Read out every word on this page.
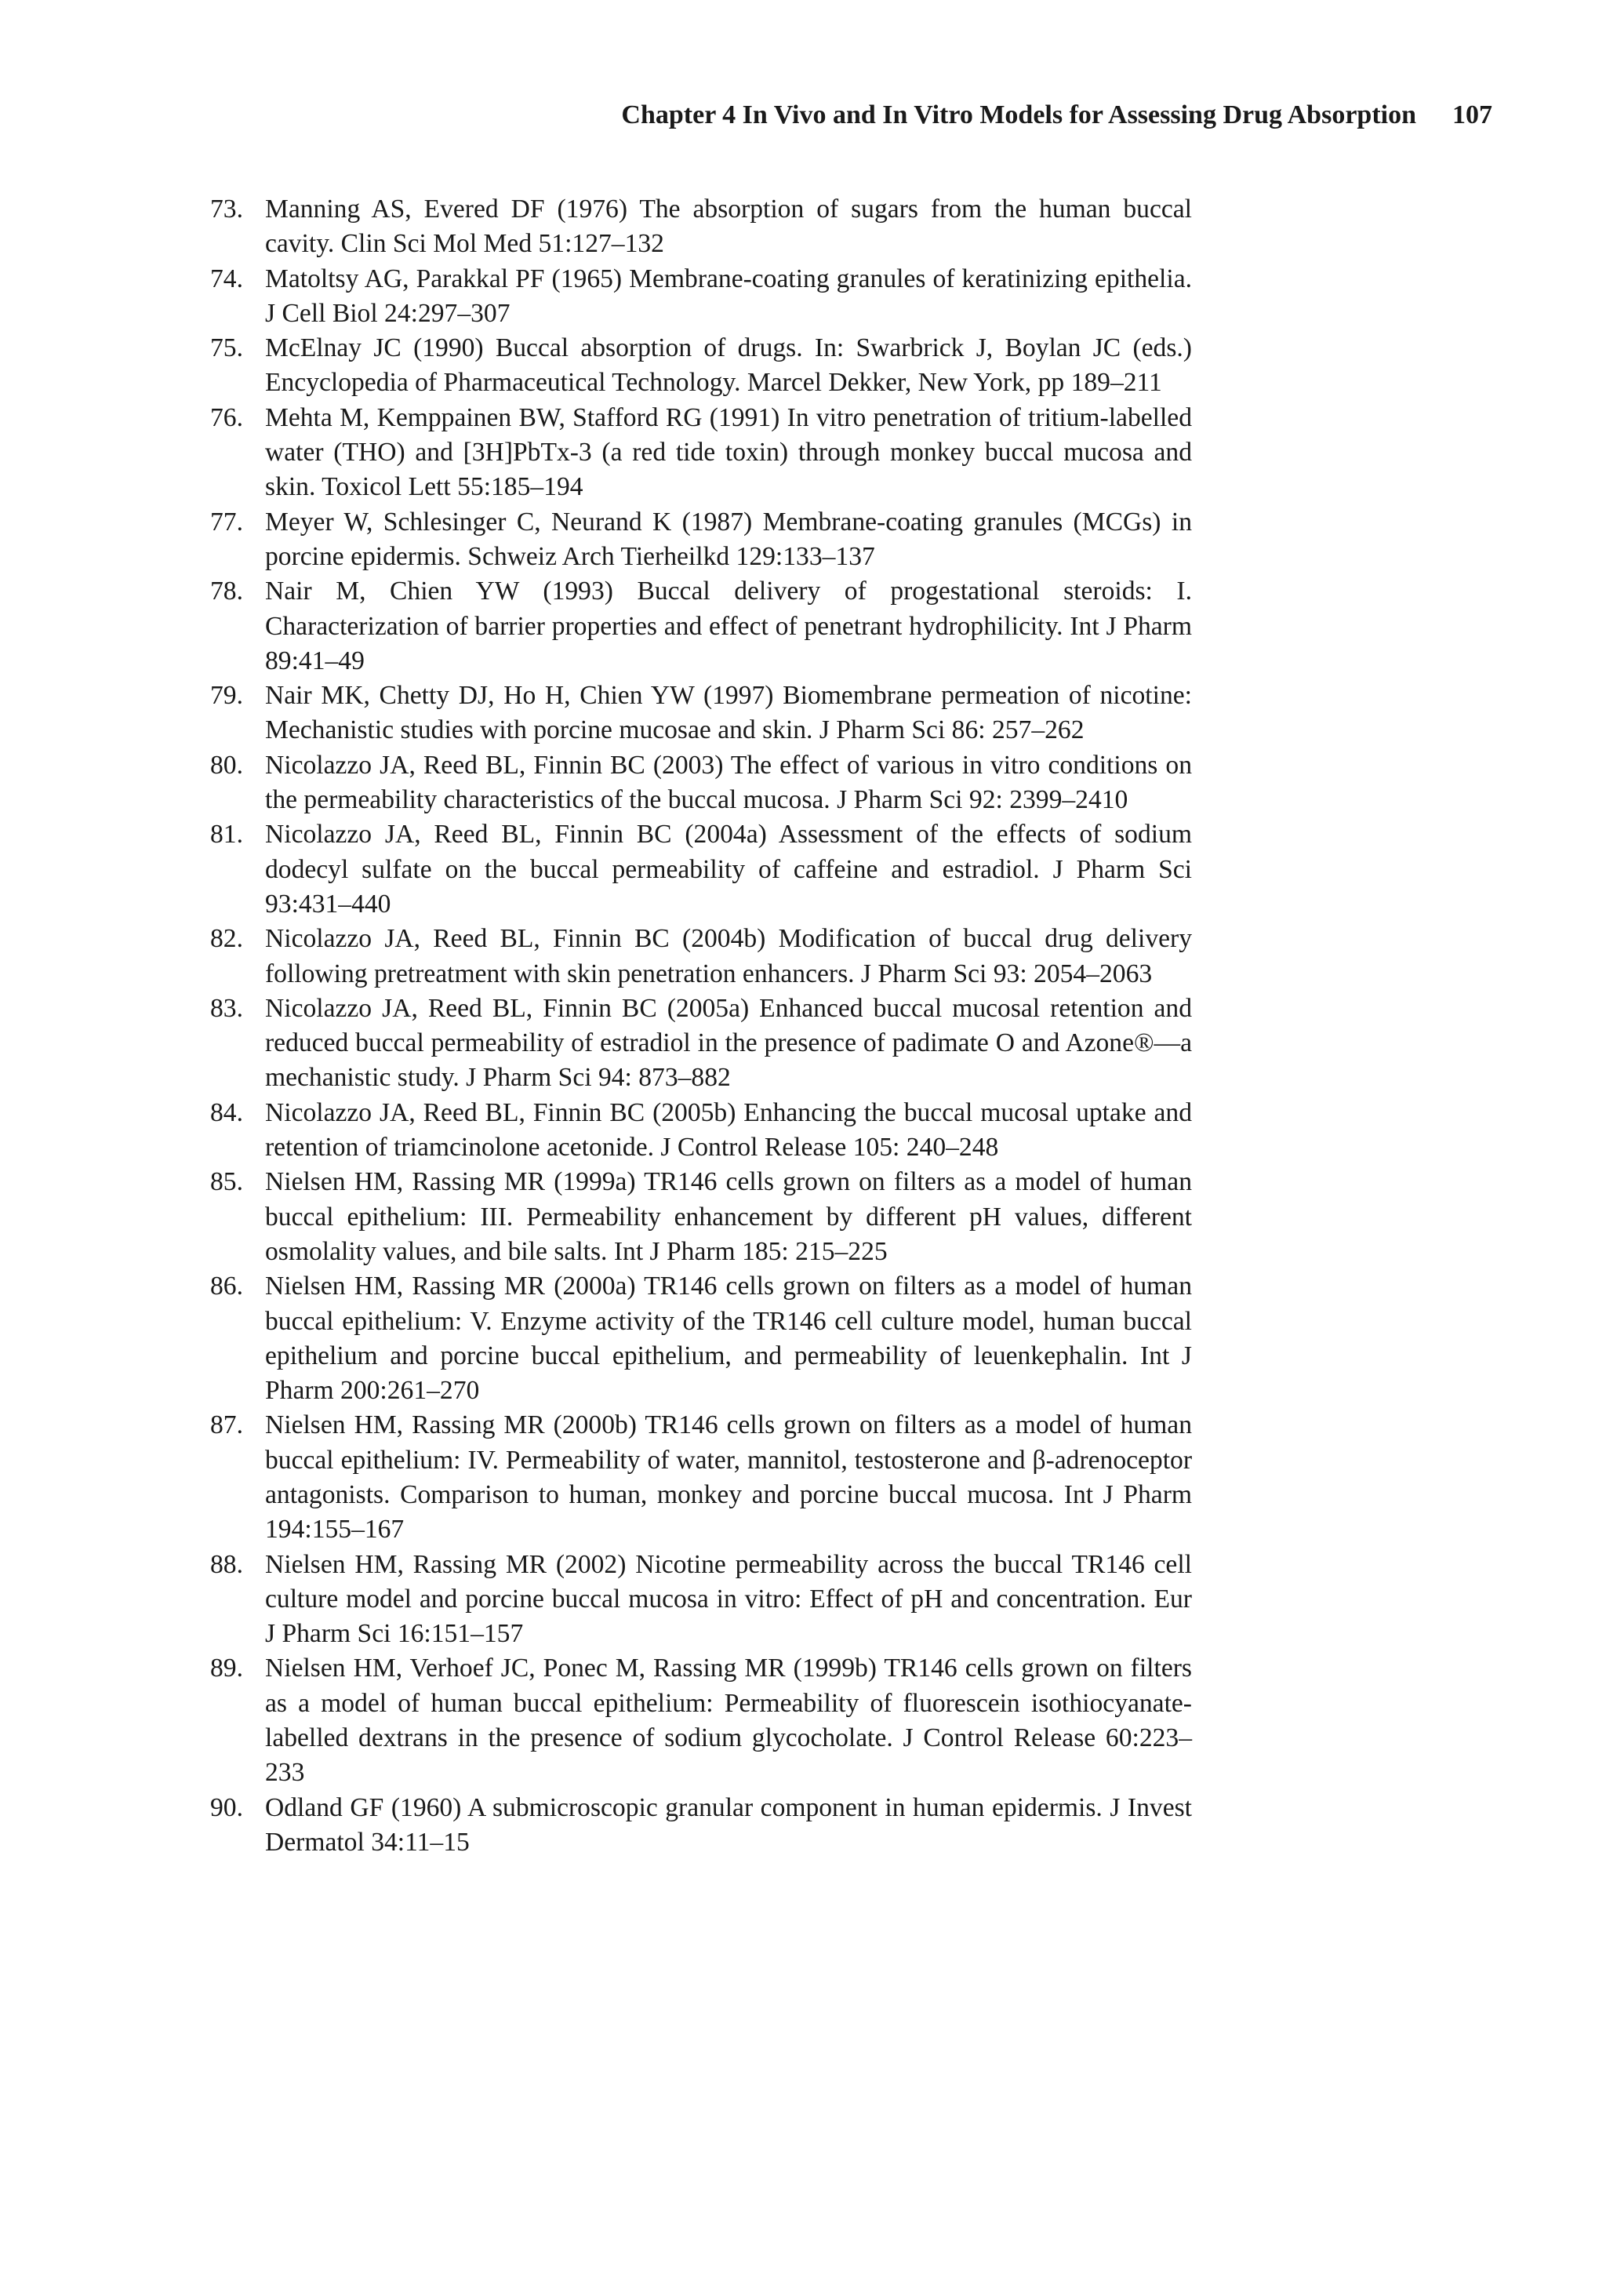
Chapter 4 In Vivo and In Vitro Models for Assessing Drug Absorption 107
73. Manning AS, Evered DF (1976) The absorption of sugars from the human buccal cavity. Clin Sci Mol Med 51:127–132
74. Matoltsy AG, Parakkal PF (1965) Membrane-coating granules of keratinizing epithelia. J Cell Biol 24:297–307
75. McElnay JC (1990) Buccal absorption of drugs. In: Swarbrick J, Boylan JC (eds.) Encyclopedia of Pharmaceutical Technology. Marcel Dekker, New York, pp 189–211
76. Mehta M, Kemppainen BW, Stafford RG (1991) In vitro penetration of tritium-labelled water (THO) and [3H]PbTx-3 (a red tide toxin) through monkey buccal mucosa and skin. Toxicol Lett 55:185–194
77. Meyer W, Schlesinger C, Neurand K (1987) Membrane-coating granules (MCGs) in porcine epidermis. Schweiz Arch Tierheilkd 129:133–137
78. Nair M, Chien YW (1993) Buccal delivery of progestational steroids: I. Characterization of barrier properties and effect of penetrant hydrophilicity. Int J Pharm 89:41–49
79. Nair MK, Chetty DJ, Ho H, Chien YW (1997) Biomembrane permeation of nicotine: Mechanistic studies with porcine mucosae and skin. J Pharm Sci 86: 257–262
80. Nicolazzo JA, Reed BL, Finnin BC (2003) The effect of various in vitro conditions on the permeability characteristics of the buccal mucosa. J Pharm Sci 92: 2399–2410
81. Nicolazzo JA, Reed BL, Finnin BC (2004a) Assessment of the effects of sodium dodecyl sulfate on the buccal permeability of caffeine and estradiol. J Pharm Sci 93:431–440
82. Nicolazzo JA, Reed BL, Finnin BC (2004b) Modification of buccal drug delivery following pretreatment with skin penetration enhancers. J Pharm Sci 93: 2054–2063
83. Nicolazzo JA, Reed BL, Finnin BC (2005a) Enhanced buccal mucosal retention and reduced buccal permeability of estradiol in the presence of padimate O and Azone®—a mechanistic study. J Pharm Sci 94: 873–882
84. Nicolazzo JA, Reed BL, Finnin BC (2005b) Enhancing the buccal mucosal uptake and retention of triamcinolone acetonide. J Control Release 105: 240–248
85. Nielsen HM, Rassing MR (1999a) TR146 cells grown on filters as a model of human buccal epithelium: III. Permeability enhancement by different pH values, different osmolality values, and bile salts. Int J Pharm 185: 215–225
86. Nielsen HM, Rassing MR (2000a) TR146 cells grown on filters as a model of human buccal epithelium: V. Enzyme activity of the TR146 cell culture model, human buccal epithelium and porcine buccal epithelium, and permeability of leuenkephalin. Int J Pharm 200:261–270
87. Nielsen HM, Rassing MR (2000b) TR146 cells grown on filters as a model of human buccal epithelium: IV. Permeability of water, mannitol, testosterone and β-adrenoceptor antagonists. Comparison to human, monkey and porcine buccal mucosa. Int J Pharm 194:155–167
88. Nielsen HM, Rassing MR (2002) Nicotine permeability across the buccal TR146 cell culture model and porcine buccal mucosa in vitro: Effect of pH and concentration. Eur J Pharm Sci 16:151–157
89. Nielsen HM, Verhoef JC, Ponec M, Rassing MR (1999b) TR146 cells grown on filters as a model of human buccal epithelium: Permeability of fluorescein isothiocyanate-labelled dextrans in the presence of sodium glycocholate. J Control Release 60:223–233
90. Odland GF (1960) A submicroscopic granular component in human epidermis. J Invest Dermatol 34:11–15
